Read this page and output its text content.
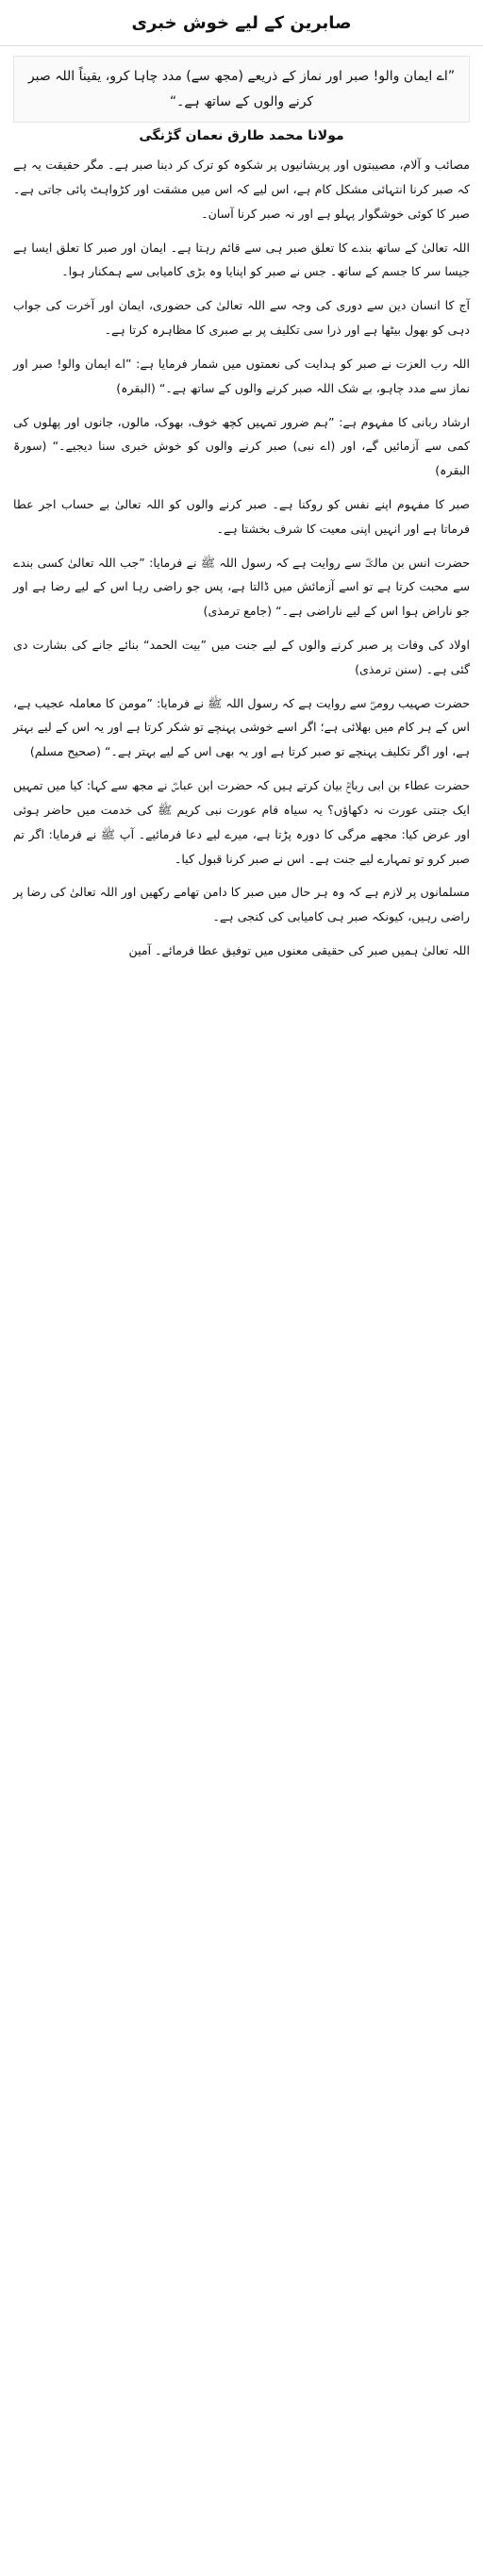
صابرین کے لیے خوش خبری
”اے ایمان والو! صبر اور نماز کے ذریعے (مجھ سے) مدد چاہا کرو، یقیناً اللہ صبر کرنے والوں کے ساتھ ہے۔“
مولانا محمد طارق نعمان گڑنگی

مصائب و آلام، مصیبتوں اور پریشانیوں پر شکوہ کو ترک کر دینا صبر ہے۔ مگر حقیقت یہ ہے کہ صبر کرنا انتہائی مشکل کام ہے، اس لیے کہ اس میں مشقت اور کڑواہٹ پائی جاتی ہے۔ صبر کا کوئی خوشگوار پہلو ہے اور نہ صبر کرنا آسان۔

اللہ تعالیٰ کے ساتھ بندے کا تعلق صبر ہی سے قائم رہتا ہے۔ ایمان اور صبر کا تعلق ایسا ہے جیسا سر کا جسم کے ساتھ۔ جس نے صبر کو اپنایا وہ بڑی کامیابی سے ہمکنار ہوا۔

آج کا انسان دین سے دوری کی وجہ سے اللہ تعالیٰ کی حضوری، ایمان اور آخرت کی جواب دہی کو بھول بیٹھا ہے اور ذرا سی تکلیف پر بے صبری کا مظاہرہ کرتا ہے۔

اللہ رب العزت نے صبر کو ہدایت کی نعمتوں میں شمار فرمایا ہے: ”اے ایمان والو! صبر اور نماز سے مدد چاہو، بے شک اللہ صبر کرنے والوں کے ساتھ ہے۔“ (البقرہ)

ارشاد ربانی کا مفہوم ہے: ”ہم ضرور تمہیں کچھ خوف، بھوک، مالوں، جانوں اور پھلوں کی کمی سے آزمائیں گے، اور (اے نبی) صبر کرنے والوں کو خوش خبری سنا دیجیے۔“ (سورۃ البقرہ)

صبر کا مفہوم اپنے نفس کو روکنا ہے۔ صبر کرنے والوں کو اللہ تعالیٰ بے حساب اجر عطا فرماتا ہے اور انہیں اپنی معیت کا شرف بخشتا ہے۔

حضرت انس بن مالکؓ سے روایت ہے کہ رسول اللہ ﷺ نے فرمایا: ”جب اللہ تعالیٰ کسی بندے سے محبت کرتا ہے تو اسے آزمائش میں ڈالتا ہے، پس جو راضی رہا اس کے لیے رضا ہے اور جو ناراض ہوا اس کے لیے ناراضی ہے۔“ (جامع ترمذی)

اولاد کی وفات پر صبر کرنے والوں کے لیے جنت میں ”بیت الحمد“ بنائے جانے کی بشارت دی گئی ہے۔ (سنن ترمذی)

حضرت صہیب رومیؓ سے روایت ہے کہ رسول اللہ ﷺ نے فرمایا: ”مومن کا معاملہ عجیب ہے، اس کے ہر کام میں بھلائی ہے؛ اگر اسے خوشی پہنچے تو شکر کرتا ہے اور یہ اس کے لیے بہتر ہے، اور اگر تکلیف پہنچے تو صبر کرتا ہے اور یہ بھی اس کے لیے بہتر ہے۔“ (صحیح مسلم)

حضرت عطاء بن ابی رباحؒ بیان کرتے ہیں کہ حضرت ابن عباسؓ نے مجھ سے کہا: کیا میں تمہیں ایک جنتی عورت نہ دکھاؤں؟ یہ سیاہ فام عورت نبی کریم ﷺ کی خدمت میں حاضر ہوئی اور عرض کیا: مجھے مرگی کا دورہ پڑتا ہے، میرے لیے دعا فرمائیے۔ آپ ﷺ نے فرمایا: اگر تم صبر کرو تو تمہارے لیے جنت ہے۔ اس نے صبر کرنا قبول کیا۔

مسلمانوں پر لازم ہے کہ وہ ہر حال میں صبر کا دامن تھامے رکھیں اور اللہ تعالیٰ کی رضا پر راضی رہیں، کیونکہ صبر ہی کامیابی کی کنجی ہے۔

اللہ تعالیٰ ہمیں صبر کی حقیقی معنوں میں توفیق عطا فرمائے۔ آمین
